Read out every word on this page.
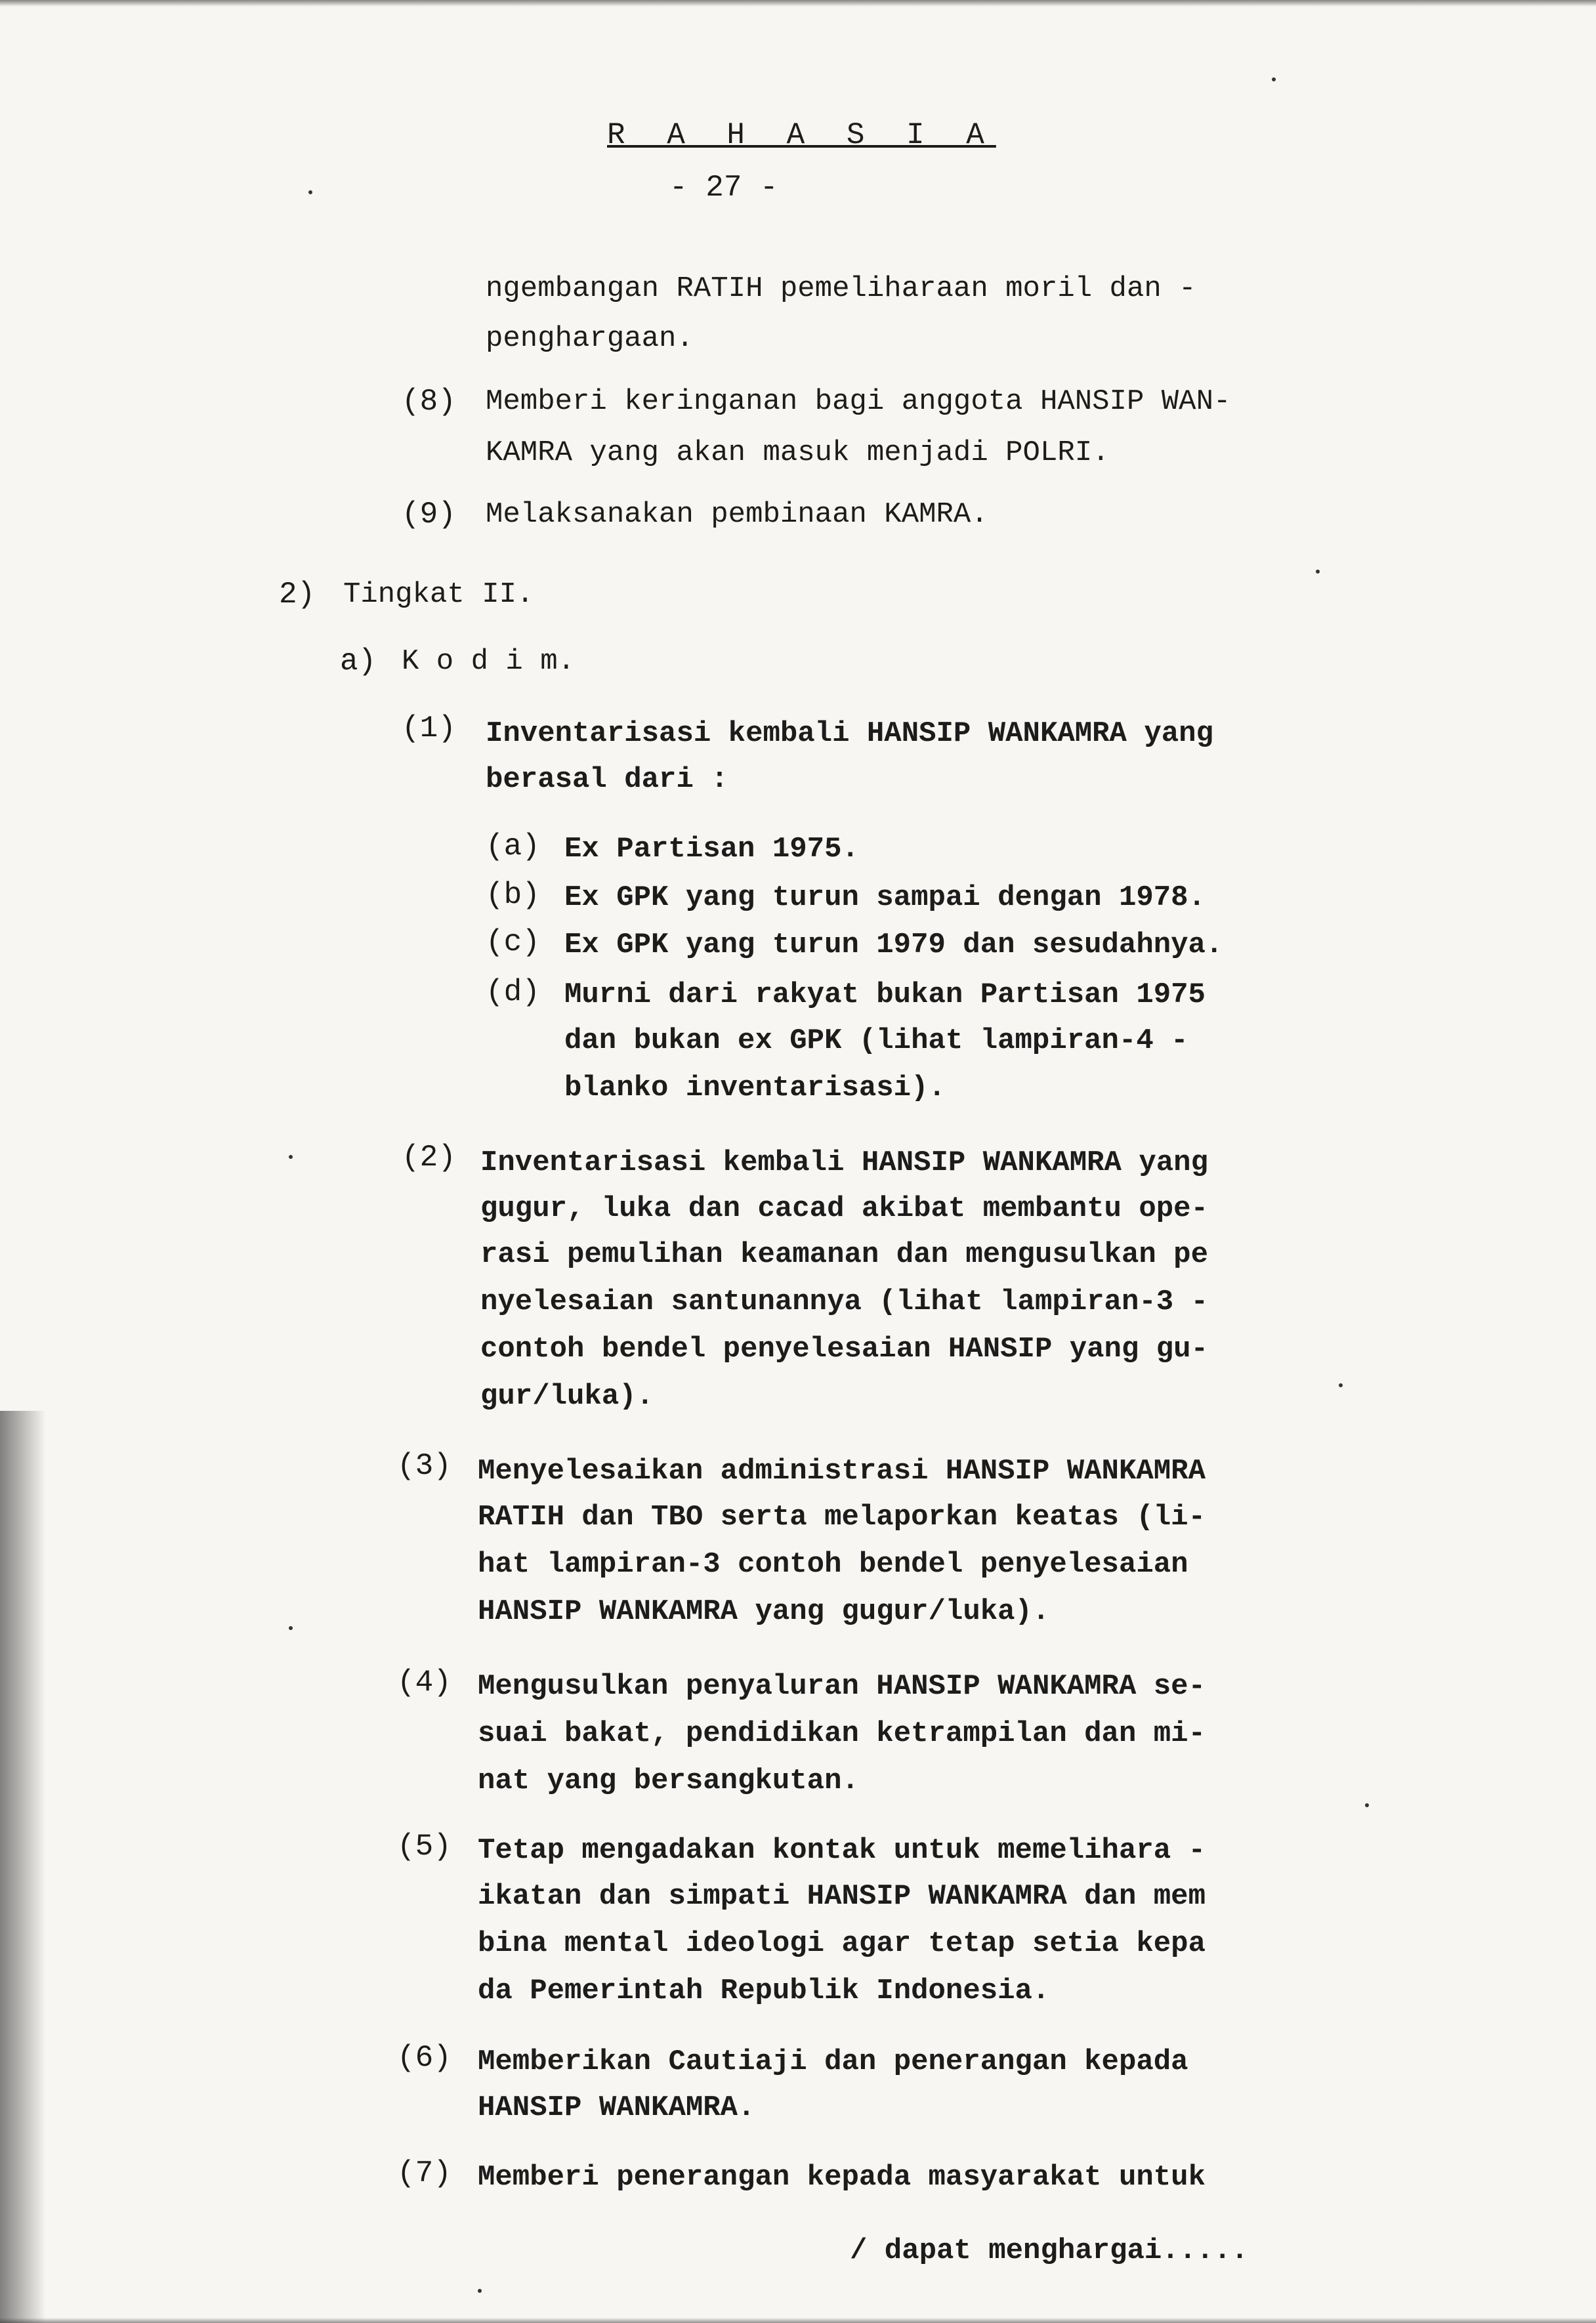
R A H A S I A
- 27 -

ngembangan RATIH pemeliharaan moril dan -

penghargaan.

(8) Memberi keringanan bagi anggota HANSIP WAN-

KAMRA yang akan masuk menjadi POLRI.

(9) Melaksanakan pembinaan KAMRA.

2) Tingkat II.

a) K o d i m.

(1) Inventarisasi kembali HANSIP WANKAMRA yang

berasal dari :

(a) Ex Partisan 1975.

(b) Ex GPK yang turun sampai dengan 1978.

(c) Ex GPK yang turun 1979 dan sesudahnya.

(d) Murni dari rakyat bukan Partisan 1975

dan bukan ex GPK (lihat lampiran-4 -

blanko inventarisasi).

(2) Inventarisasi kembali HANSIP WANKAMRA yang

gugur, luka dan cacad akibat membantu ope-

rasi pemulihan keamanan dan mengusulkan pe

nyelesaian santunannya (lihat lampiran-3 -

contoh bendel penyelesaian HANSIP yang gu-

gur/luka).

(3) Menyelesaikan administrasi HANSIP WANKAMRA

RATIH dan TBO serta melaporkan keatas (li-

hat lampiran-3 contoh bendel penyelesaian

HANSIP WANKAMRA yang gugur/luka).

(4) Mengusulkan penyaluran HANSIP WANKAMRA se-

suai bakat, pendidikan ketrampilan dan mi-

nat yang bersangkutan.

(5) Tetap mengadakan kontak untuk memelihara -

ikatan dan simpati HANSIP WANKAMRA dan mem

bina mental ideologi agar tetap setia kepa

da Pemerintah Republik Indonesia.

(6) Memberikan Cautiaji dan penerangan kepada

HANSIP WANKAMRA.

(7) Memberi penerangan kepada masyarakat untuk

/ dapat menghargai.....
